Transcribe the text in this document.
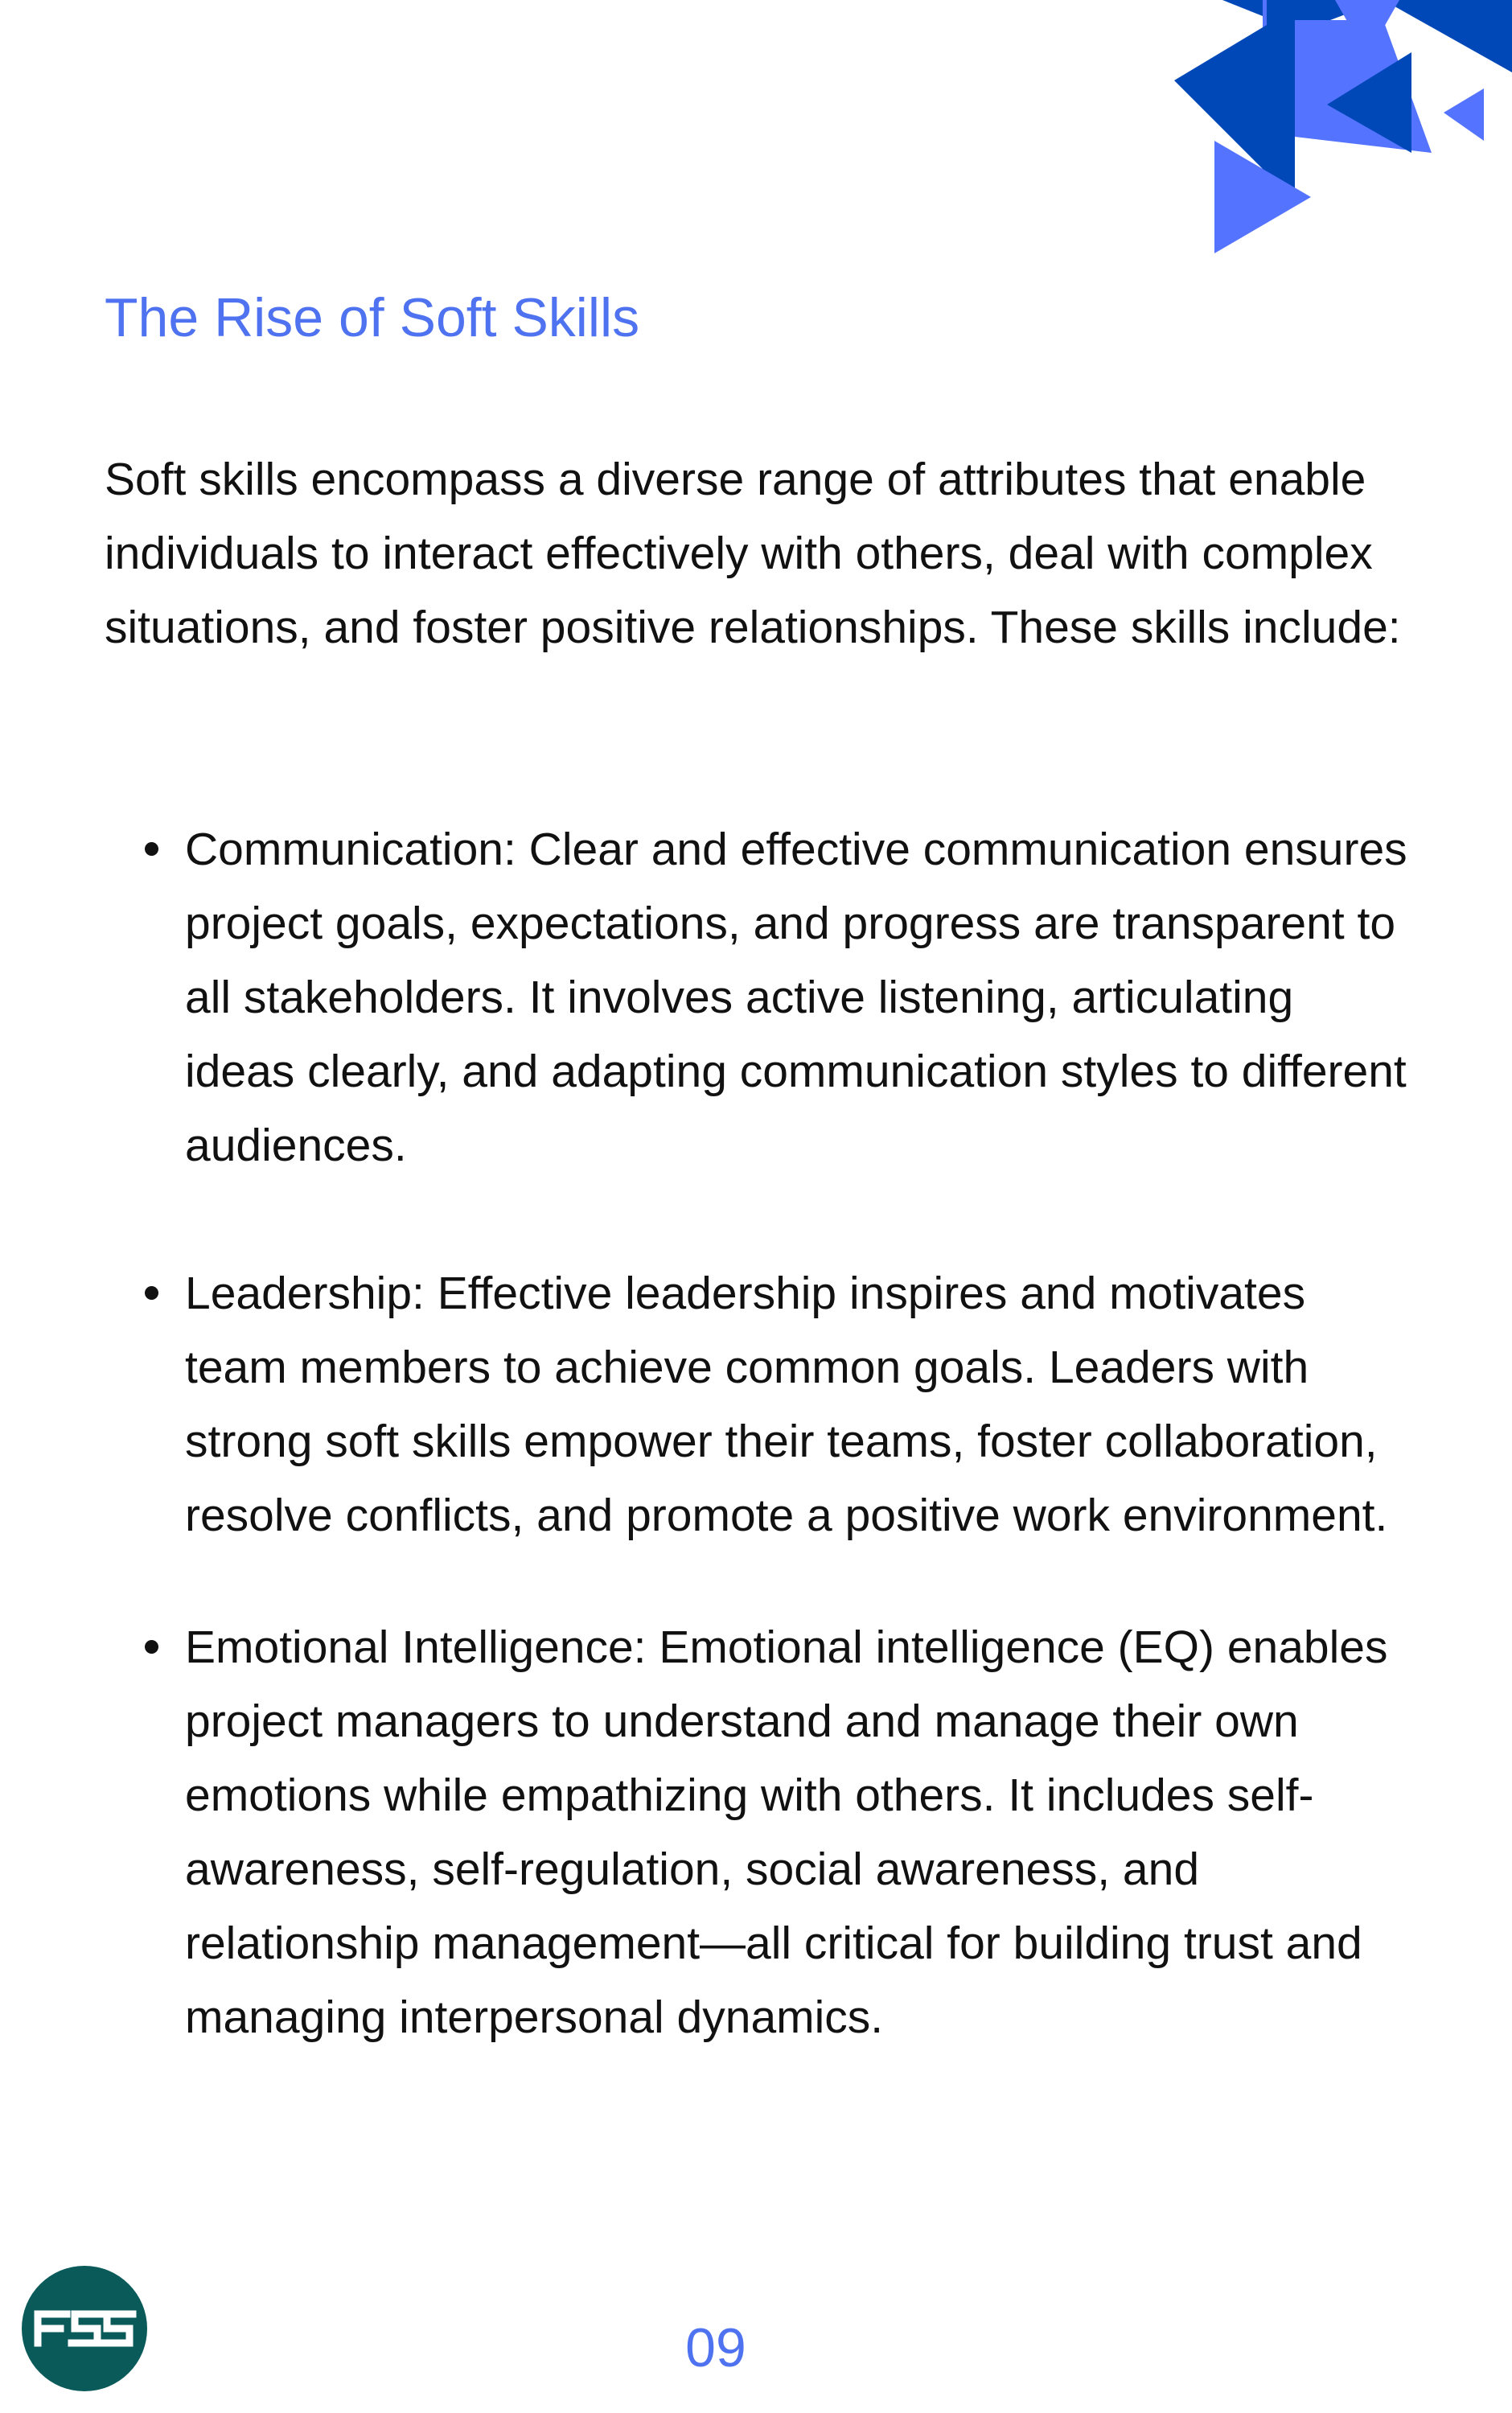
The Rise of Soft Skills

Soft skills encompass a diverse range of attributes that enable individuals to interact effectively with others, deal with complex situations, and foster positive relationships. These skills include:

Communication: Clear and effective communication ensures project goals, expectations, and progress are transparent to all stakeholders. It involves active listening, articulating ideas clearly, and adapting communication styles to different audiences.
Leadership: Effective leadership inspires and motivates team members to achieve common goals. Leaders with strong soft skills empower their teams, foster collaboration, resolve conflicts, and promote a positive work environment.
Emotional Intelligence: Emotional intelligence (EQ) enables project managers to understand and manage their own emotions while empathizing with others. It includes self-awareness, self-regulation, social awareness, and relationship management—all critical for building trust and managing interpersonal dynamics.
09
